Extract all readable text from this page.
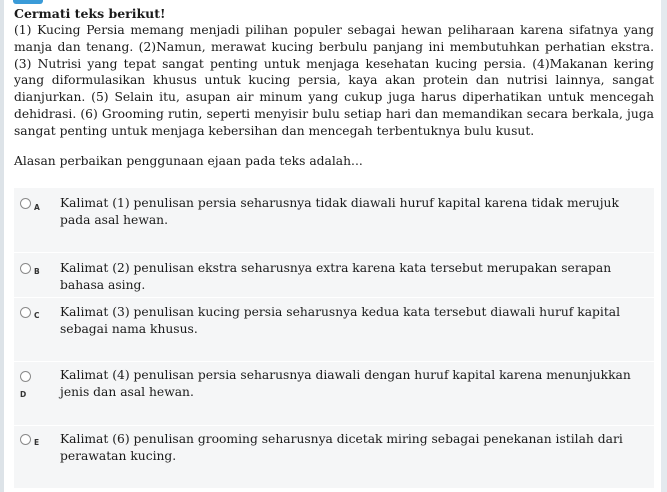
Cermati teks berikut!

(1) Kucing Persia memang menjadi pilihan populer sebagai hewan peliharaan karena sifatnya yang manja dan tenang. (2)Namun, merawat kucing berbulu panjang ini membutuhkan perhatian ekstra. (3) Nutrisi yang tepat sangat penting untuk menjaga kesehatan kucing persia. (4)Makanan kering yang diformulasikan khusus untuk kucing persia, kaya akan protein dan nutrisi lainnya, sangat dianjurkan. (5) Selain itu, asupan air minum yang cukup juga harus diperhatikan untuk mencegah dehidrasi. (6) Grooming rutin, seperti menyisir bulu setiap hari dan memandikan secara berkala, juga sangat penting untuk menjaga kebersihan dan mencegah terbentuknya bulu kusut.

Alasan perbaikan penggunaan ejaan pada teks adalah...

A Kalimat (1) penulisan persia seharusnya tidak diawali huruf kapital karena tidak merujuk pada asal hewan.
B Kalimat (2) penulisan ekstra seharusnya extra karena kata tersebut merupakan serapan bahasa asing.
C Kalimat (3) penulisan kucing persia seharusnya kedua kata tersebut diawali huruf kapital sebagai nama khusus.
D
Kalimat (4) penulisan persia seharusnya diawali dengan huruf kapital karena menunjukkan jenis dan asal hewan.
E Kalimat (6) penulisan grooming seharusnya dicetak miring sebagai penekanan istilah dari perawatan kucing.
